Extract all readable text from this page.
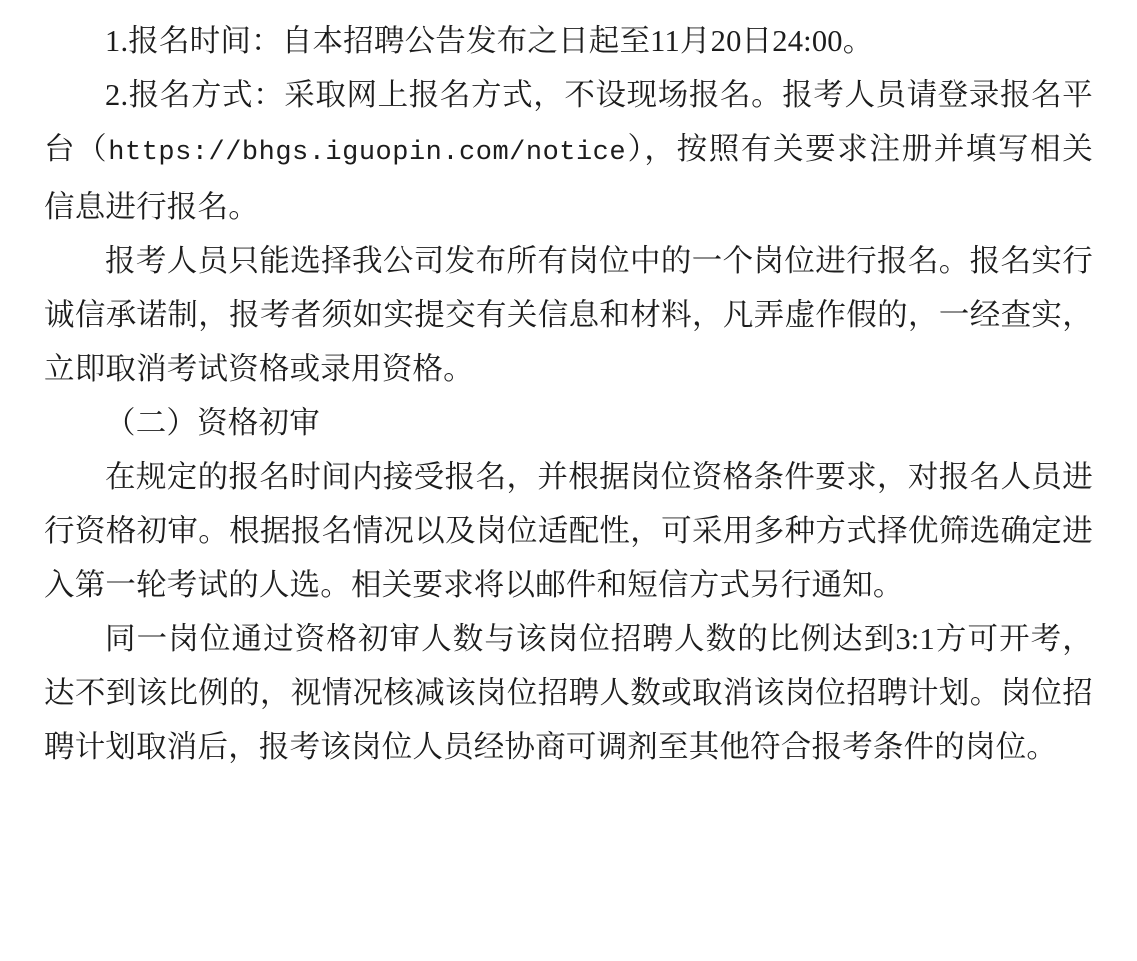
1.报名时间：自本招聘公告发布之日起至11月20日24:00。

2.报名方式：采取网上报名方式，不设现场报名。报考人员请登录报名平台（https://bhgs.iguopin.com/notice），按照有关要求注册并填写相关信息进行报名。

报考人员只能选择我公司发布所有岗位中的一个岗位进行报名。报名实行诚信承诺制，报考者须如实提交有关信息和材料，凡弄虚作假的，一经查实，立即取消考试资格或录用资格。

（二）资格初审

在规定的报名时间内接受报名，并根据岗位资格条件要求，对报名人员进行资格初审。根据报名情况以及岗位适配性，可采用多种方式择优筛选确定进入第一轮考试的人选。相关要求将以邮件和短信方式另行通知。

同一岗位通过资格初审人数与该岗位招聘人数的比例达到3:1方可开考，达不到该比例的，视情况核减该岗位招聘人数或取消该岗位招聘计划。岗位招聘计划取消后，报考该岗位人员经协商可调剂至其他符合报考条件的岗位。
